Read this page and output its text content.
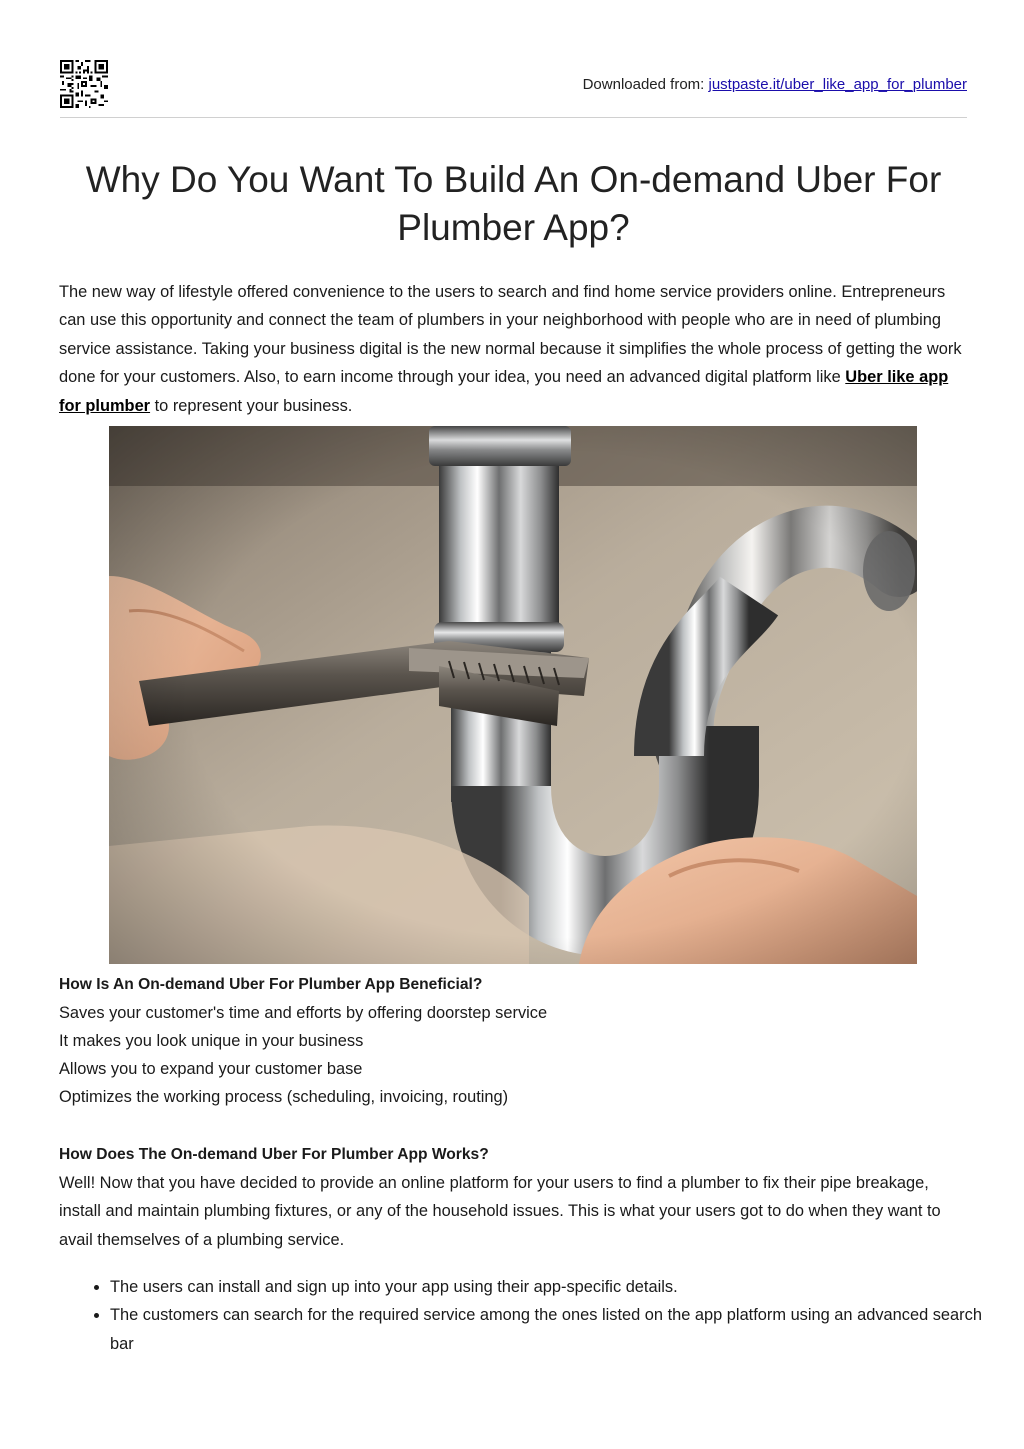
Downloaded from: justpaste.it/uber_like_app_for_plumber
Why Do You Want To Build An On-demand Uber For Plumber App?

The new way of lifestyle offered convenience to the users to search and find home service providers online. Entrepreneurs can use this opportunity and connect the team of plumbers in your neighborhood with people who are in need of plumbing service assistance. Taking your business digital is the new normal because it simplifies the whole process of getting the work done for your customers. Also, to earn income through your idea, you need an advanced digital platform like Uber like app for plumber to represent your business.

How Is An On-demand Uber For Plumber App Beneficial?

Saves your customer's time and efforts by offering doorstep service

It makes you look unique in your business

Allows you to expand your customer base

Optimizes the working process (scheduling, invoicing, routing)

How Does The On-demand Uber For Plumber App Works?

Well! Now that you have decided to provide an online platform for your users to find a plumber to fix their pipe breakage, install and maintain plumbing fixtures, or any of the household issues. This is what your users got to do when they want to avail themselves of a plumbing service.

• The users can install and sign up into your app using their app-specific details.
• The customers can search for the required service among the ones listed on the app platform using an advanced search bar
